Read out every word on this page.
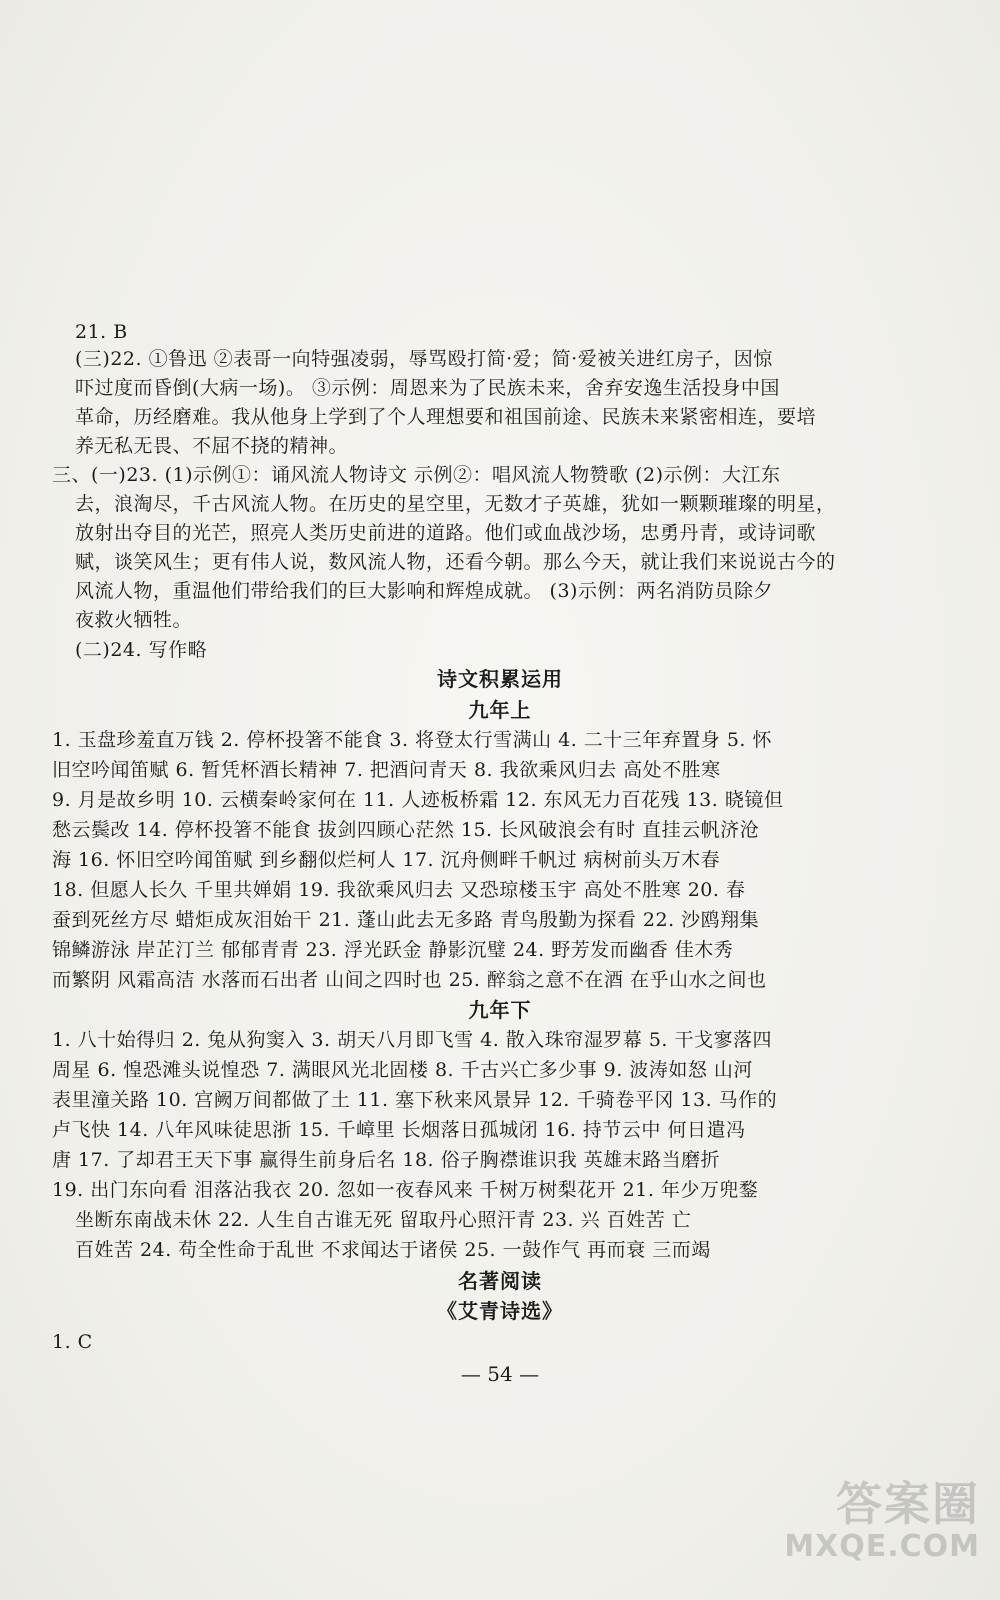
21. B
(三)22. ①鲁迅 ②表哥一向特强凌弱，辱骂殴打简·爱；简·爱被关进红房子，因惊
吓过度而昏倒(大病一场)。 ③示例：周恩来为了民族未来，舍弃安逸生活投身中国
革命，历经磨难。我从他身上学到了个人理想要和祖国前途、民族未来紧密相连，要培
养无私无畏、不屈不挠的精神。
三、(一)23. (1)示例①：诵风流人物诗文 示例②：唱风流人物赞歌 (2)示例：大江东
去，浪淘尽，千古风流人物。在历史的星空里，无数才子英雄，犹如一颗颗璀璨的明星，
放射出夺目的光芒，照亮人类历史前进的道路。他们或血战沙场，忠勇丹青，或诗词歌
赋，谈笑风生；更有伟人说，数风流人物，还看今朝。那么今天，就让我们来说说古今的
风流人物，重温他们带给我们的巨大影响和辉煌成就。 (3)示例：两名消防员除夕
夜救火牺牲。
(二)24. 写作略
诗文积累运用
九年上
1. 玉盘珍羞直万钱 2. 停杯投箸不能食 3. 将登太行雪满山 4. 二十三年弃置身 5. 怀
旧空吟闻笛赋 6. 暂凭杯酒长精神 7. 把酒问青天 8. 我欲乘风归去 高处不胜寒
9. 月是故乡明 10. 云横秦岭家何在 11. 人迹板桥霜 12. 东风无力百花残 13. 晓镜但
愁云鬓改 14. 停杯投箸不能食 拔剑四顾心茫然 15. 长风破浪会有时 直挂云帆济沧
海 16. 怀旧空吟闻笛赋 到乡翻似烂柯人 17. 沉舟侧畔千帆过 病树前头万木春
18. 但愿人长久 千里共婵娟 19. 我欲乘风归去 又恐琼楼玉宇 高处不胜寒 20. 春
蚕到死丝方尽 蜡炬成灰泪始干 21. 蓬山此去无多路 青鸟殷勤为探看 22. 沙鸥翔集
锦鳞游泳 岸芷汀兰 郁郁青青 23. 浮光跃金 静影沉璧 24. 野芳发而幽香 佳木秀
而繁阴 风霜高洁 水落而石出者 山间之四时也 25. 醉翁之意不在酒 在乎山水之间也
九年下
1. 八十始得归 2. 兔从狗窦入 3. 胡天八月即飞雪 4. 散入珠帘湿罗幕 5. 干戈寥落四
周星 6. 惶恐滩头说惶恐 7. 满眼风光北固楼 8. 千古兴亡多少事 9. 波涛如怒 山河
表里潼关路 10. 宫阙万间都做了土 11. 塞下秋来风景异 12. 千骑卷平冈 13. 马作的
卢飞快 14. 八年风味徒思浙 15. 千嶂里 长烟落日孤城闭 16. 持节云中 何日遣冯
唐 17. 了却君王天下事 赢得生前身后名 18. 俗子胸襟谁识我 英雄末路当磨折
19. 出门东向看 泪落沾我衣 20. 忽如一夜春风来 千树万树梨花开 21. 年少万兜鍪
坐断东南战未休 22. 人生自古谁无死 留取丹心照汗青 23. 兴 百姓苦 亡
百姓苦 24. 苟全性命于乱世 不求闻达于诸侯 25. 一鼓作气 再而衰 三而竭
名著阅读
《艾青诗选》
1. C
— 54 —
答案圈
MXQE.COM
